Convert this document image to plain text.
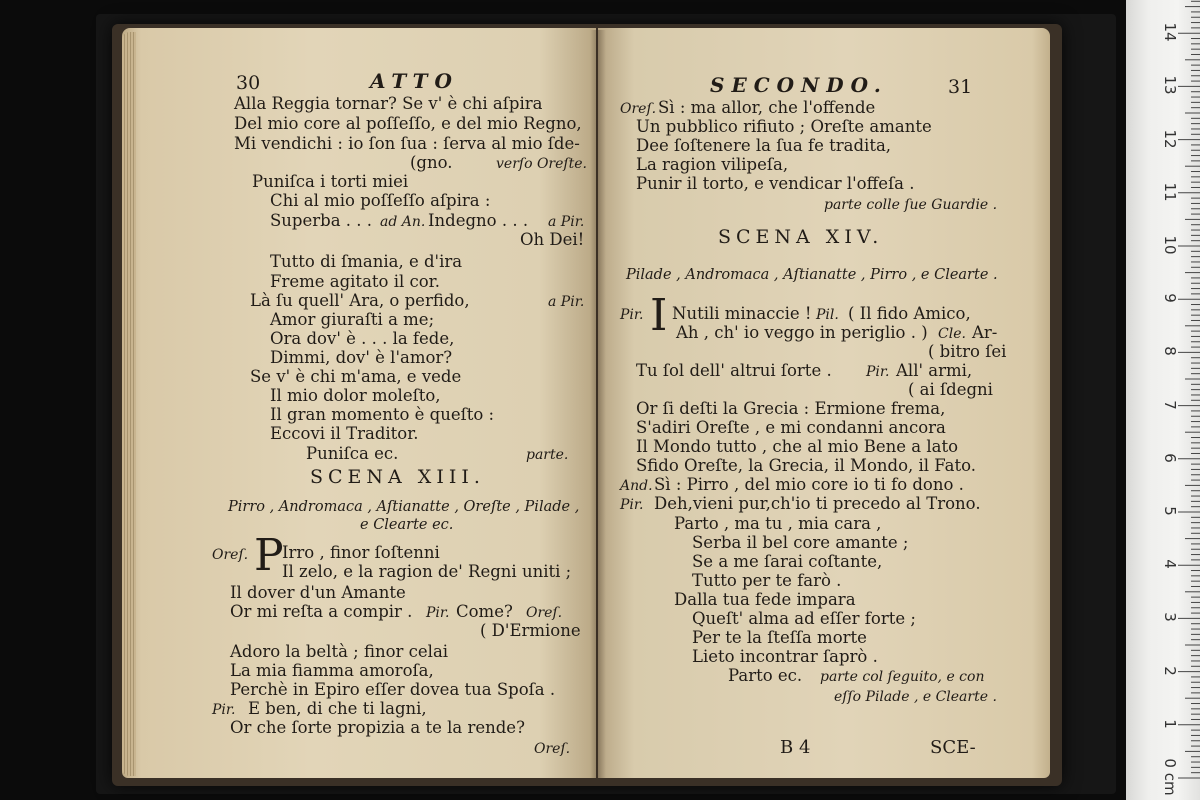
30	ATTO
Alla Reggia tornar? Se v' è chi aſpira
Del mio core al poſſeſſo, e del mio Regno,
Mi vendichi : io ſon ſua : ſerva al mio ſde-
(gno.	verſo Oreſte.
Puniſca i torti miei
Chi al mio poſſeſſo aſpira :
Superba . . . ad An. Indegno . . . a Pir.
Oh Dei!
Tutto di ſmania, e d'ira
Freme agitato il cor.
Là ſu quell' Ara, o perfido,	a Pir.
Amor giuraſti a me;
Ora dov' è . . . la fede,
Dimmi, dov' è l'amor?
Se v' è chi m'ama, e vede
Il mio dolor moleſto,
Il gran momento è queſto :
Eccovi il Traditor.
Puniſca ec.	parte.
SCENA XIII.
Pirro , Andromaca , Aſtianatte , Oreſte , Pilade ,
e Clearte ec.
Oreſ. P
Irro , finor ſoſtenni
Il zelo, e la ragion de' Regni uniti ;
Il dover d'un Amante
Or mi reſta a compir . Pir. Come? Oreſ.
( D'Ermione
Adoro la beltà ; finor celai
La mia fiamma amoroſa,
Perchè in Epiro eſſer dovea tua Spoſa .
Pir. E ben, di che ti lagni,
Or che ſorte propizia a te la rende?
Oreſ.
SECONDO.	31
Oreſ. Sì : ma allor, che l'offende
Un pubblico rifiuto ; Oreſte amante
Dee ſoſtenere la ſua fe tradita,
La ragion vilipeſa,
Punir il torto, e vendicar l'offeſa .
parte colle ſue Guardie .
SCENA XIV.
Pilade , Andromaca , Aſtianatte , Pirro , e Clearte .
Pir. I Nutili minaccie ! Pil. ( Il fido Amico,
Ah , ch' io veggo in periglio . ) Cle. Ar-
( bitro ſei
Tu ſol dell' altrui ſorte . Pir. All' armi,
( ai ſdegni
Or ſi deſti la Grecia : Ermione frema,
S'adiri Oreſte , e mi condanni ancora
Il Mondo tutto , che al mio Bene a lato
Sfido Oreſte, la Grecia, il Mondo, il Fato.
And. Sì : Pirro , del mio core io ti fo dono .
Pir. Deh,vieni pur,ch'io ti precedo al Trono.
Parto , ma tu , mia cara ,
Serba il bel core amante ;
Se a me ſarai coſtante,
Tutto per te farò .
Dalla tua fede impara
Queſt' alma ad eſſer forte ;
Per te la ſteſſa morte
Lieto incontrar ſaprò .
Parto ec. parte col ſeguito, e con
eſſo Pilade , e Clearte .
B 4	SCE-
0 cm
1
2
3
4
5
6
7
8
9
10
11
12
13
14
